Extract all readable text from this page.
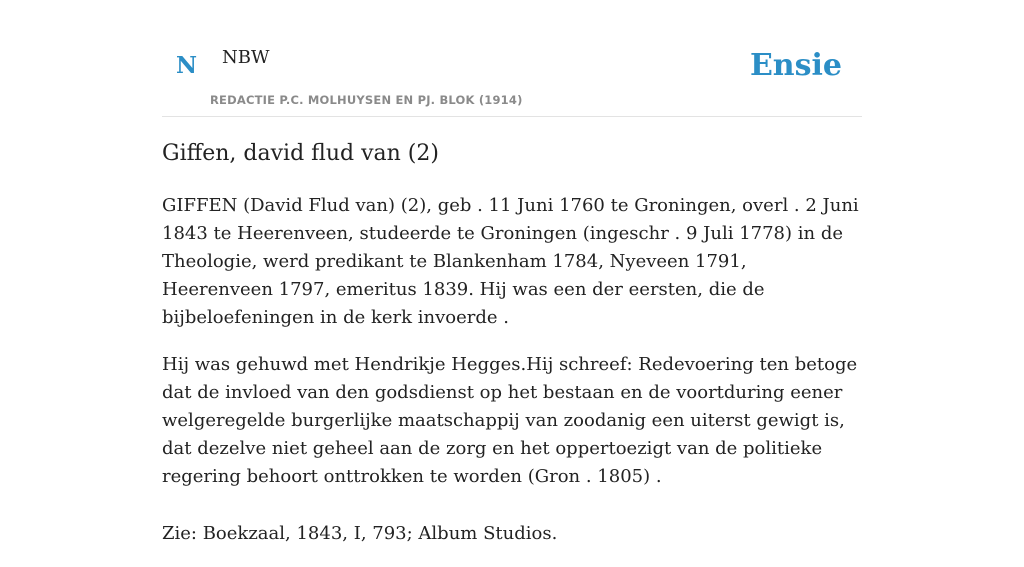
N NBW
REDACTIE P.C. MOLHUYSEN EN PJ. BLOK (1914)
Ensie
Giffen, david flud van (2)

GIFFEN (David Flud van) (2), geb . 11 Juni 1760 te Groningen, overl . 2 Juni 1843 te Heerenveen, studeerde te Groningen (ingeschr . 9 Juli 1778) in de Theologie, werd predikant te Blankenham 1784, Nyeveen 1791, Heerenveen 1797, emeritus 1839. Hij was een der eersten, die de bijbeloefeningen in de kerk invoerde .

Hij was gehuwd met Hendrikje Hegges.Hij schreef: Redevoering ten betoge dat de invloed van den godsdienst op het bestaan en de voortduring eener welgeregelde burgerlijke maatschappij van zoodanig een uiterst gewigt is, dat dezelve niet geheel aan de zorg en het oppertoezigt van de politieke regering behoort onttrokken te worden (Gron . 1805) .

Zie: Boekzaal, 1843, I, 793; Album Studios.
